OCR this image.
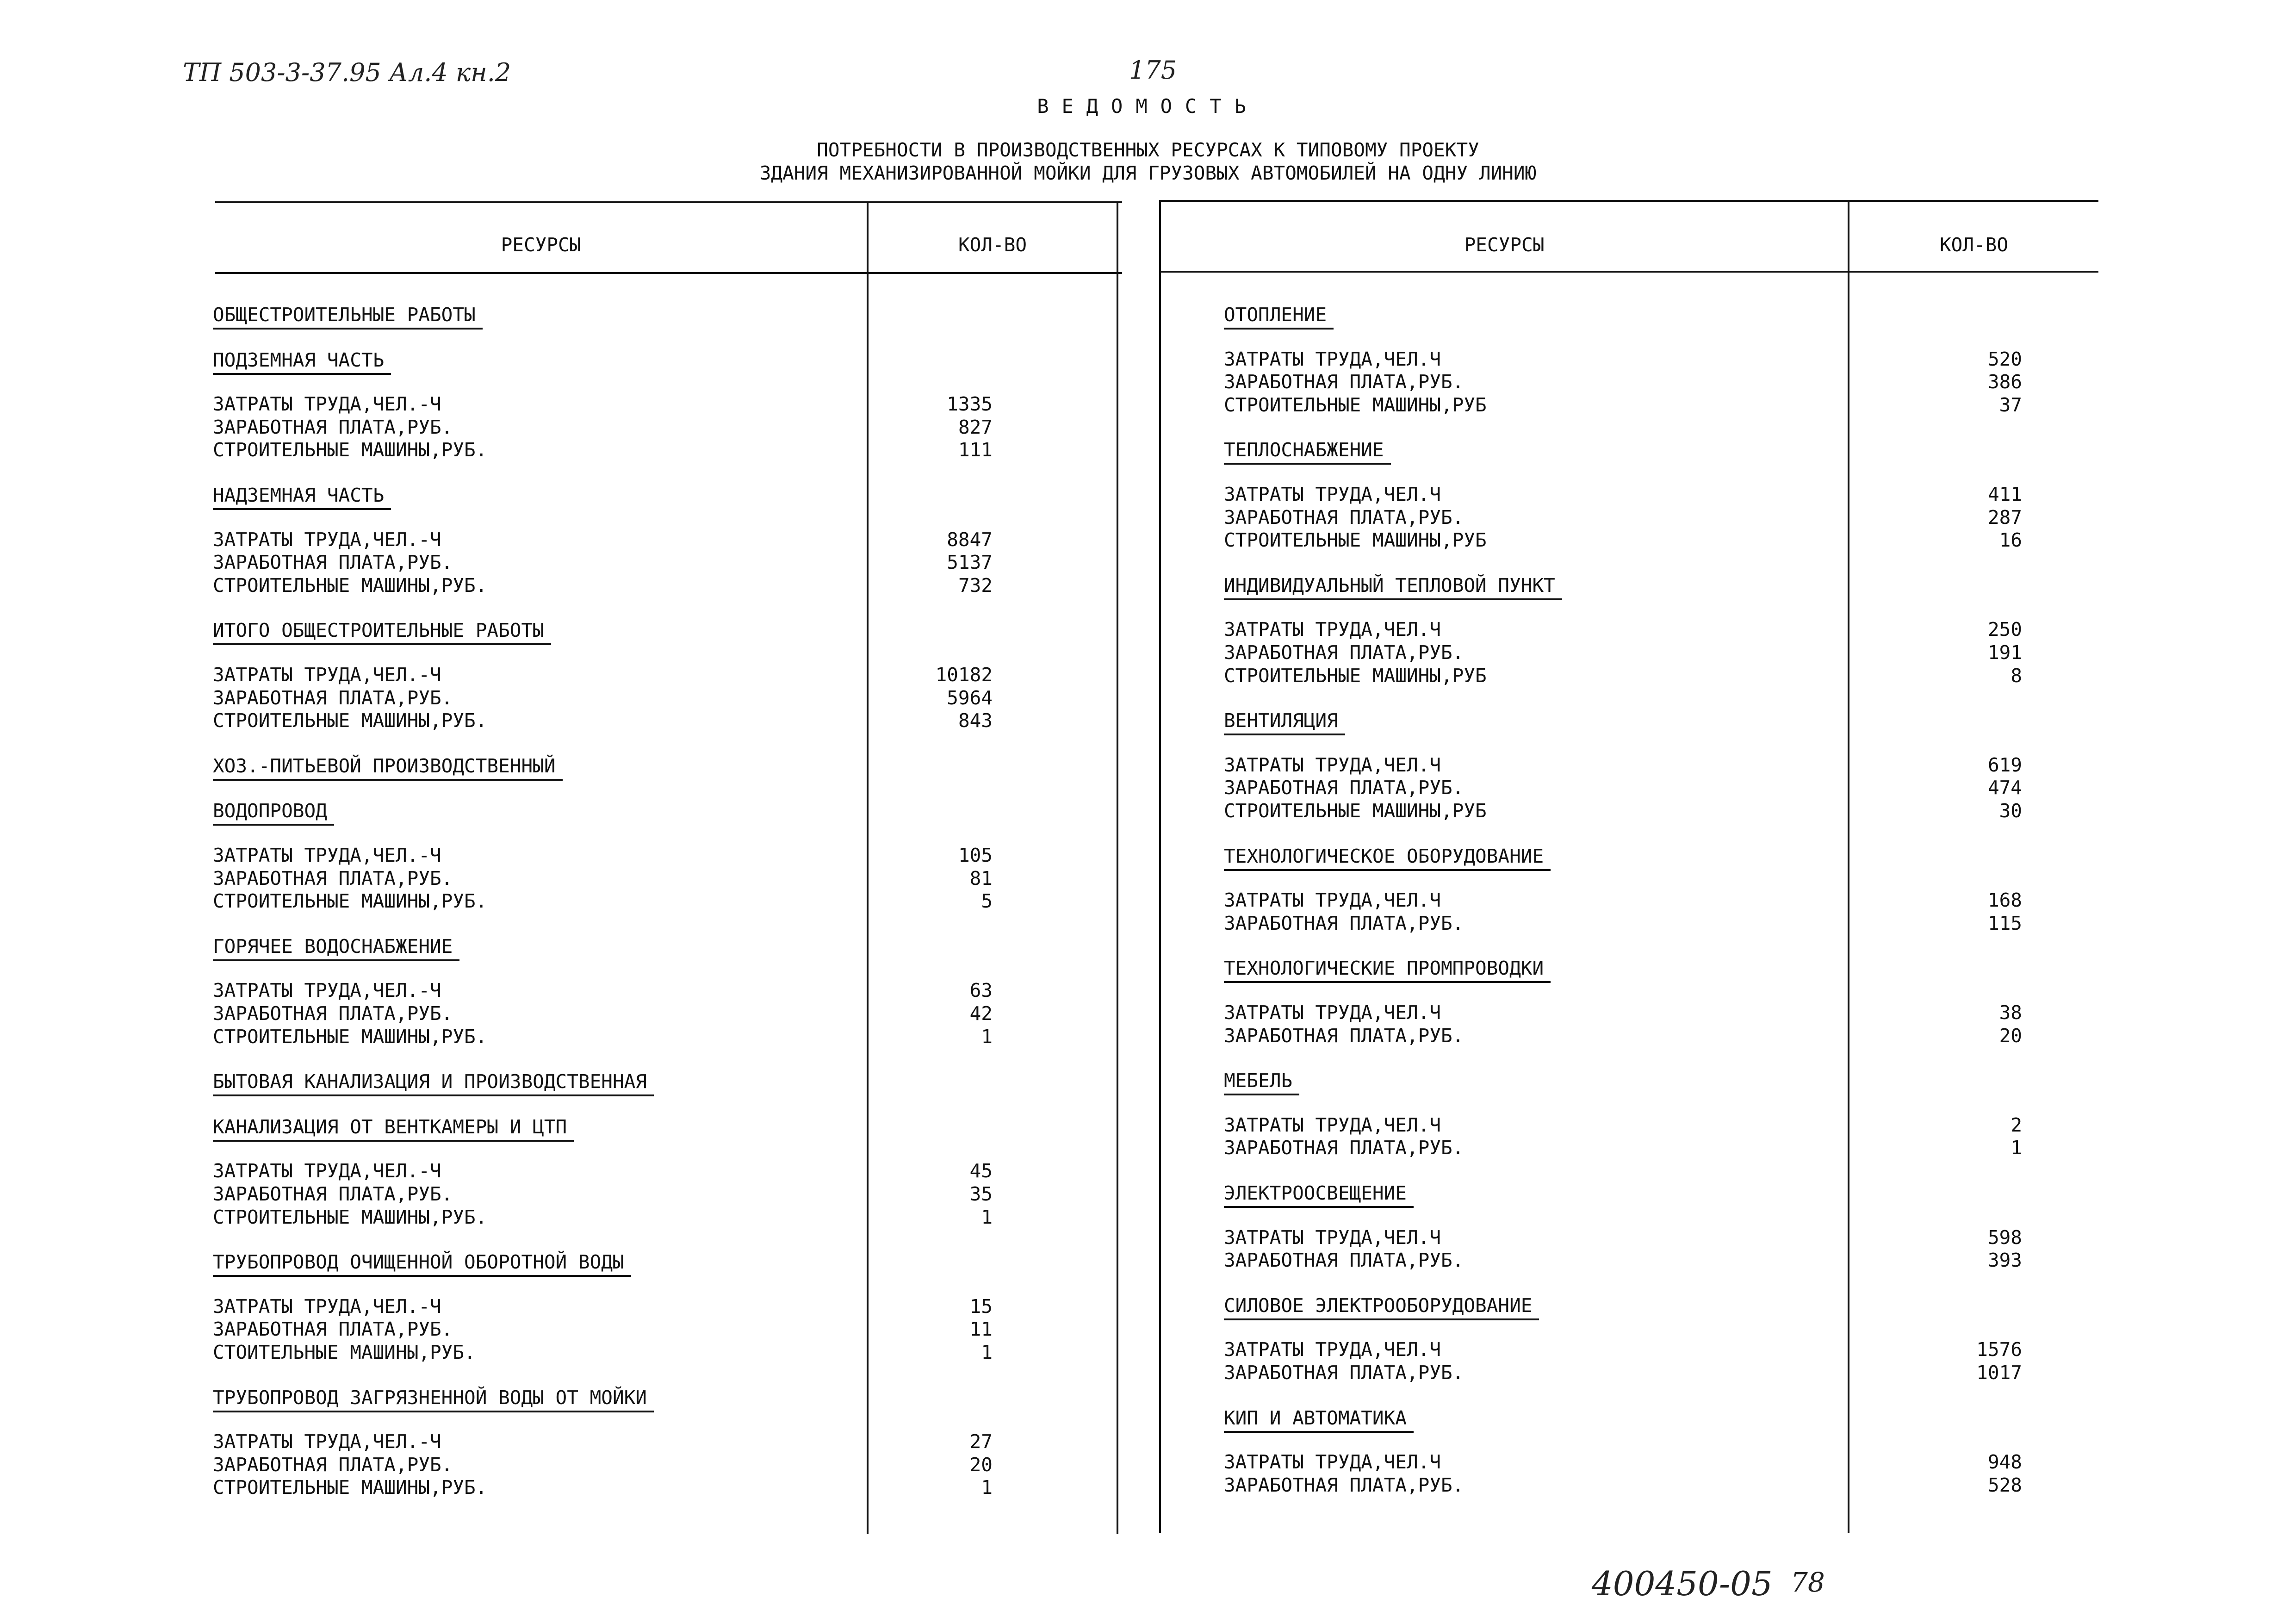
ТП 503-3-37.95 Ал.4 кн.2	175
ВЕДОМОСТЬ
ПОТРЕБНОСТИ В ПРОИЗВОДСТВЕННЫХ РЕСУРСАХ К ТИПОВОМУ ПРОЕКТУ
ЗДАНИЯ МЕХАНИЗИРОВАННОЙ МОЙКИ ДЛЯ ГРУЗОВЫХ АВТОМОБИЛЕЙ НА ОДНУ ЛИНИЮ
РЕСУРСЫ	КОЛ-ВО	РЕСУРСЫ	КОЛ-ВО
ОБЩЕСТРОИТЕЛЬНЫЕ РАБОТЫ
ПОДЗЕМНАЯ ЧАСТЬ
ЗАТРАТЫ ТРУДА,ЧЕЛ.-Ч	1335
ЗАРАБОТНАЯ ПЛАТА,РУБ.	827
СТРОИТЕЛЬНЫЕ МАШИНЫ,РУБ.	111
НАДЗЕМНАЯ ЧАСТЬ
ЗАТРАТЫ ТРУДА,ЧЕЛ.-Ч	8847
ЗАРАБОТНАЯ ПЛАТА,РУБ.	5137
СТРОИТЕЛЬНЫЕ МАШИНЫ,РУБ.	732
ИТОГО ОБЩЕСТРОИТЕЛЬНЫЕ РАБОТЫ
ЗАТРАТЫ ТРУДА,ЧЕЛ.-Ч	10182
ЗАРАБОТНАЯ ПЛАТА,РУБ.	5964
СТРОИТЕЛЬНЫЕ МАШИНЫ,РУБ.	843
ХОЗ.-ПИТЬЕВОЙ ПРОИЗВОДСТВЕННЫЙ
ВОДОПРОВОД
ЗАТРАТЫ ТРУДА,ЧЕЛ.-Ч	105
ЗАРАБОТНАЯ ПЛАТА,РУБ.	81
СТРОИТЕЛЬНЫЕ МАШИНЫ,РУБ.	5
ГОРЯЧЕЕ ВОДОСНАБЖЕНИЕ
ЗАТРАТЫ ТРУДА,ЧЕЛ.-Ч	63
ЗАРАБОТНАЯ ПЛАТА,РУБ.	42
СТРОИТЕЛЬНЫЕ МАШИНЫ,РУБ.	1
БЫТОВАЯ КАНАЛИЗАЦИЯ И ПРОИЗВОДСТВЕННАЯ
КАНАЛИЗАЦИЯ ОТ ВЕНТКАМЕРЫ И ЦТП
ЗАТРАТЫ ТРУДА,ЧЕЛ.-Ч	45
ЗАРАБОТНАЯ ПЛАТА,РУБ.	35
СТРОИТЕЛЬНЫЕ МАШИНЫ,РУБ.	1
ТРУБОПРОВОД ОЧИЩЕННОЙ ОБОРОТНОЙ ВОДЫ
ЗАТРАТЫ ТРУДА,ЧЕЛ.-Ч	15
ЗАРАБОТНАЯ ПЛАТА,РУБ.	11
СТОИТЕЛЬНЫЕ МАШИНЫ,РУБ.	1
ТРУБОПРОВОД ЗАГРЯЗНЕННОЙ ВОДЫ ОТ МОЙКИ
ЗАТРАТЫ ТРУДА,ЧЕЛ.-Ч	27
ЗАРАБОТНАЯ ПЛАТА,РУБ.	20
СТРОИТЕЛЬНЫЕ МАШИНЫ,РУБ.	1
ОТОПЛЕНИЕ
ЗАТРАТЫ ТРУДА,ЧЕЛ.Ч	520
ЗАРАБОТНАЯ ПЛАТА,РУБ.	386
СТРОИТЕЛЬНЫЕ МАШИНЫ,РУБ	37
ТЕПЛОСНАБЖЕНИЕ
ЗАТРАТЫ ТРУДА,ЧЕЛ.Ч	411
ЗАРАБОТНАЯ ПЛАТА,РУБ.	287
СТРОИТЕЛЬНЫЕ МАШИНЫ,РУБ	16
ИНДИВИДУАЛЬНЫЙ ТЕПЛОВОЙ ПУНКТ
ЗАТРАТЫ ТРУДА,ЧЕЛ.Ч	250
ЗАРАБОТНАЯ ПЛАТА,РУБ.	191
СТРОИТЕЛЬНЫЕ МАШИНЫ,РУБ	8
ВЕНТИЛЯЦИЯ
ЗАТРАТЫ ТРУДА,ЧЕЛ.Ч	619
ЗАРАБОТНАЯ ПЛАТА,РУБ.	474
СТРОИТЕЛЬНЫЕ МАШИНЫ,РУБ	30
ТЕХНОЛОГИЧЕСКОЕ ОБОРУДОВАНИЕ
ЗАТРАТЫ ТРУДА,ЧЕЛ.Ч	168
ЗАРАБОТНАЯ ПЛАТА,РУБ.	115
ТЕХНОЛОГИЧЕСКИЕ ПРОМПРОВОДКИ
ЗАТРАТЫ ТРУДА,ЧЕЛ.Ч	38
ЗАРАБОТНАЯ ПЛАТА,РУБ.	20
МЕБЕЛЬ
ЗАТРАТЫ ТРУДА,ЧЕЛ.Ч	2
ЗАРАБОТНАЯ ПЛАТА,РУБ.	1
ЭЛЕКТРООСВЕЩЕНИЕ
ЗАТРАТЫ ТРУДА,ЧЕЛ.Ч	598
ЗАРАБОТНАЯ ПЛАТА,РУБ.	393
СИЛОВОЕ ЭЛЕКТРООБОРУДОВАНИЕ
ЗАТРАТЫ ТРУДА,ЧЕЛ.Ч	1576
ЗАРАБОТНАЯ ПЛАТА,РУБ.	1017
КИП И АВТОМАТИКА
ЗАТРАТЫ ТРУДА,ЧЕЛ.Ч	948
ЗАРАБОТНАЯ ПЛАТА,РУБ.	528
400450-05 78
